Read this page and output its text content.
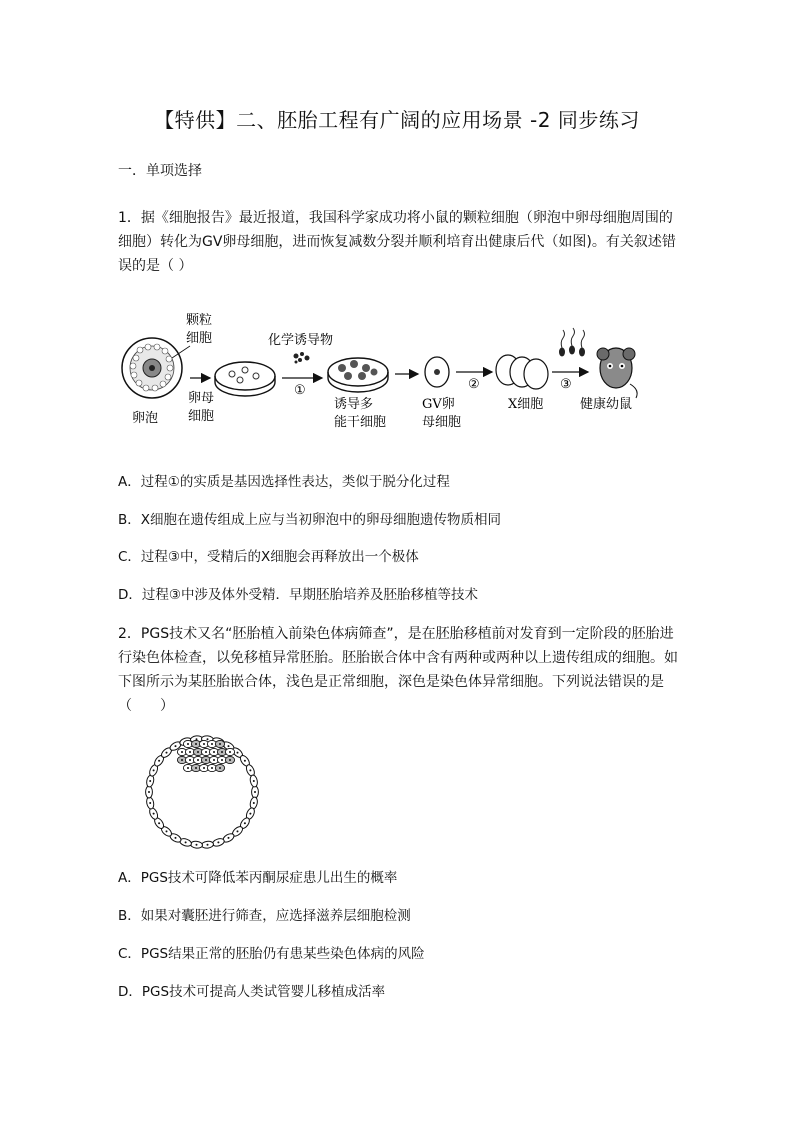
【特供】二、胚胎工程有广阔的应用场景 -2 同步练习
一．单项选择
1．据《细胞报告》最近报道，我国科学家成功将小鼠的颗粒细胞（卵泡中卵母细胞周围的细胞）转化为GV卵母细胞，进而恢复减数分裂并顺利培育出健康后代（如图)。有关叙述错误的是（ ）
颗粒
细胞
卵泡
卵母
细胞
化学诱导物
①
诱导多
能干细胞
GV卵
母细胞
②
X细胞
③
健康幼鼠
A．过程①的实质是基因选择性表达，类似于脱分化过程
B．X细胞在遗传组成上应与当初卵泡中的卵母细胞遗传物质相同
C．过程③中，受精后的X细胞会再释放出一个极体
D．过程③中涉及体外受精．早期胚胎培养及胚胎移植等技术
2．PGS技术又名“胚胎植入前染色体病筛查”，是在胚胎移植前对发育到一定阶段的胚胎进行染色体检查，以免移植异常胚胎。胚胎嵌合体中含有两种或两种以上遗传组成的细胞。如下图所示为某胚胎嵌合体，浅色是正常细胞，深色是染色体异常细胞。下列说法错误的是（　　）
A．PGS技术可降低苯丙酮尿症患儿出生的概率
B．如果对囊胚进行筛查，应选择滋养层细胞检测
C．PGS结果正常的胚胎仍有患某些染色体病的风险
D．PGS技术可提高人类试管婴儿移植成活率
